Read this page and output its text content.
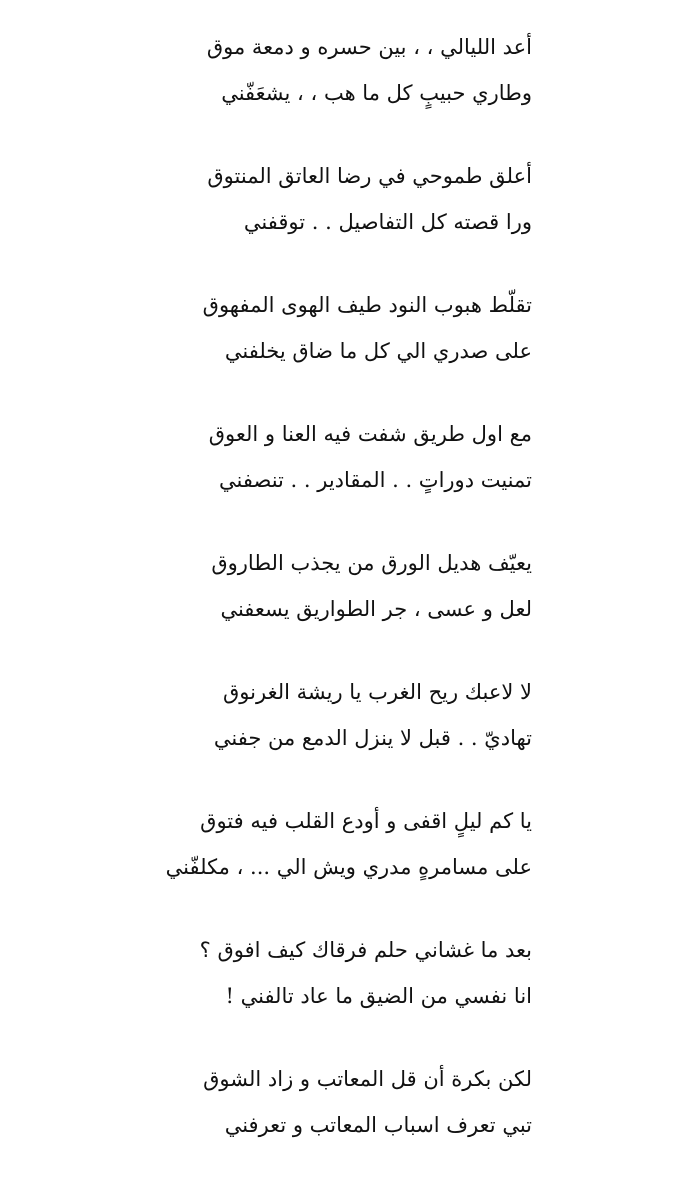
أعد الليالي ، ، بين حسره و دمعة موق
وطاري حبيبٍ كل ما هب ، ، يشعَفّني
أعلق طموحي في رضا العاتق المنتوق
ورا قصته كل التفاصيل . . توقفني
تقلّط هبوب النود طيف الهوى المفهوق
على صدري الي كل ما ضاق يخلفني
مع اول طريق شفت فيه العنا و العوق
تمنيت دوراتٍ . . المقادير . . تنصفني
يعيّف هديل الورق من يجذب الطاروق
لعل و عسى ، جر الطواريق يسعفني
لا لاعبك ريح الغرب يا ريشة الغرنوق
تهاديّ . . قبل لا ينزل الدمع من جفني
يا كم ليلٍ اقفى و أودع القلب فيه فتوق
على مسامرهٍ مدري ويش الي ... ، مكلفّني
بعد ما غشاني حلم فرقاك كيف افوق ؟
انا نفسي من الضيق ما عاد تالفني !
لكن بكرة أن قل المعاتب و زاد الشوق
تبي تعرف اسباب المعاتب و تعرفني
